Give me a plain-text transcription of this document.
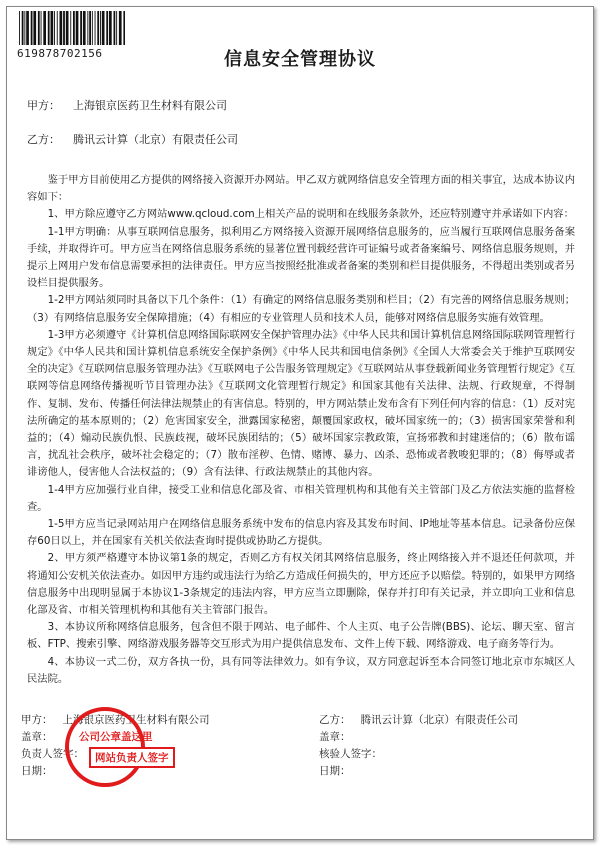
619878702156	信息安全管理协议
甲方： 上海银京医药卫生材料有限公司
乙方： 腾讯云计算（北京）有限责任公司

鉴于甲方目前使用乙方提供的网络接入资源开办网站。甲乙双方就网络信息安全管理方面的相关事宜，达成本协议内容如下：

1、甲方除应遵守乙方网站www.qcloud.com上相关产品的说明和在线服务条款外，还应特别遵守并承诺如下内容：

1-1甲方明确：从事互联网信息服务，拟利用乙方网络接入资源开展网络信息服务的，应当履行互联网信息服务备案手续，并取得许可。甲方应当在网络信息服务系统的显著位置刊载经营许可证编号或者备案编号、网络信息服务规则，并提示上网用户发布信息需要承担的法律责任。甲方应当按照经批准或者备案的类别和栏目提供服务，不得超出类别或者另设栏目提供服务。

1-2甲方网站须同时具备以下几个条件：（1）有确定的网络信息服务类别和栏目；（2）有完善的网络信息服务规则；（3）有网络信息服务安全保障措施；（4）有相应的专业管理人员和技术人员，能够对网络信息服务实施有效管理。

1-3甲方必须遵守《计算机信息网络国际联网安全保护管理办法》《中华人民共和国计算机信息网络国际联网管理暂行规定》《中华人民共和国计算机信息系统安全保护条例》《中华人民共和国电信条例》《全国人大常委会关于维护互联网安全的决定》《互联网信息服务管理办法》《互联网电子公告服务管理规定》《互联网站从事登载新闻业务管理暂行规定》《互联网等信息网络传播视听节目管理办法》《互联网文化管理暂行规定》和国家其他有关法律、法规、行政规章，不得制作、复制、发布、传播任何法律法规禁止的有害信息。特别的，甲方网站禁止发布含有下列任何内容的信息：（1）反对宪法所确定的基本原则的；（2）危害国家安全，泄露国家秘密，颠覆国家政权，破坏国家统一的；（3）损害国家荣誉和利益的；（4）煽动民族仇恨、民族歧视，破坏民族团结的；（5）破坏国家宗教政策，宣扬邪教和封建迷信的；（6）散布谣言，扰乱社会秩序，破坏社会稳定的；（7）散布淫秽、色情、赌博、暴力、凶杀、恐怖或者教唆犯罪的；（8）侮辱或者诽谤他人，侵害他人合法权益的；（9）含有法律、行政法规禁止的其他内容。

1-4甲方应加强行业自律，接受工业和信息化部及省、市相关管理机构和其他有关主管部门及乙方依法实施的监督检查。

1-5甲方应当记录网站用户在网络信息服务系统中发布的信息内容及其发布时间、IP地址等基本信息。记录备份应保存60日以上，并在国家有关机关依法查询时提供或协助乙方提供。

2、甲方须严格遵守本协议第1条的规定，否则乙方有权关闭其网络信息服务，终止网络接入并不退还任何款项，并将通知公安机关依法查办。如因甲方违约或违法行为给乙方造成任何损失的，甲方还应予以赔偿。特别的，如果甲方网络信息服务中出现明显属于本协议1-3条规定的违法内容，甲方应当立即删除，保存并打印有关记录，并立即向工业和信息化部及省、市相关管理机构和其他有关主管部门报告。

3、本协议所称网络信息服务，包含但不限于网站、电子邮件、个人主页、电子公告牌(BBS)、论坛、聊天室、留言板、FTP、搜索引擎、网络游戏服务器等交互形式为用户提供信息发布、文件上传下载、网络游戏、电子商务等行为。

4、本协议一式二份，双方各执一份，具有同等法律效力。如有争议，双方同意起诉至本合同签订地北京市东城区人民法院。

甲方： 上海银京医药卫生材料有限公司
盖章：
负责人签字：
日期：
乙方： 腾讯云计算（北京）有限责任公司
盖章：
核验人签字：
日期：
公司公章盖这里
网站负责人签字
